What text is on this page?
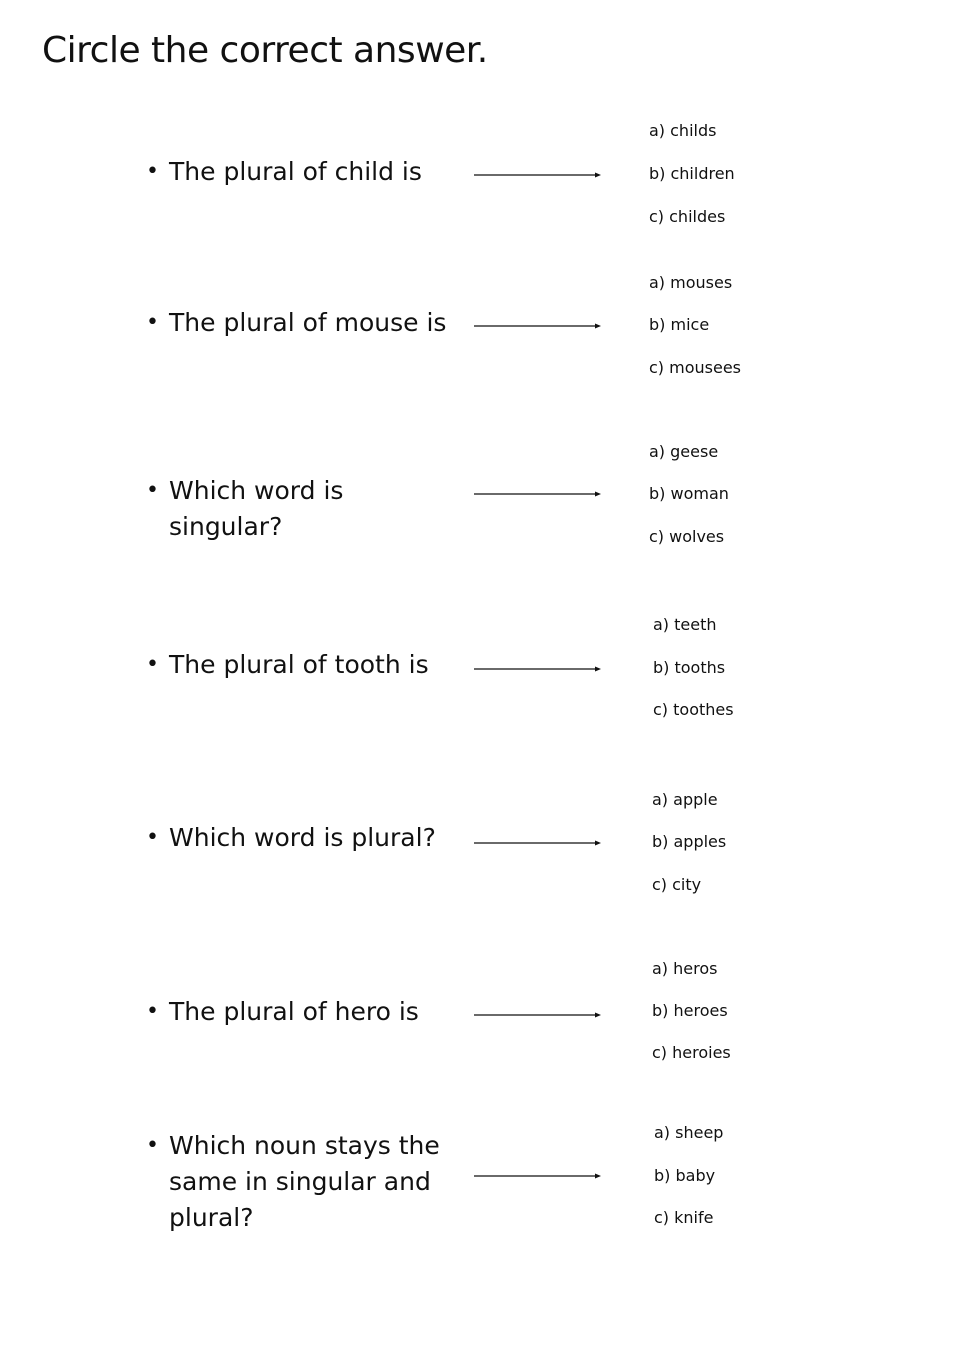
Circle the correct answer.
• The plural of child is
a) childs
b) children
c) childes
• The plural of mouse is
a) mouses
b) mice
c) mousees
• Which word is singular?
a) geese
b) woman
c) wolves
• The plural of tooth is
a) teeth
b) tooths
c) toothes
• Which word is plural?
a) apple
b) apples
c) city
• The plural of hero is
a) heros
b) heroes
c) heroies
• Which noun stays the same in singular and plural?
a) sheep
b) baby
c) knife
